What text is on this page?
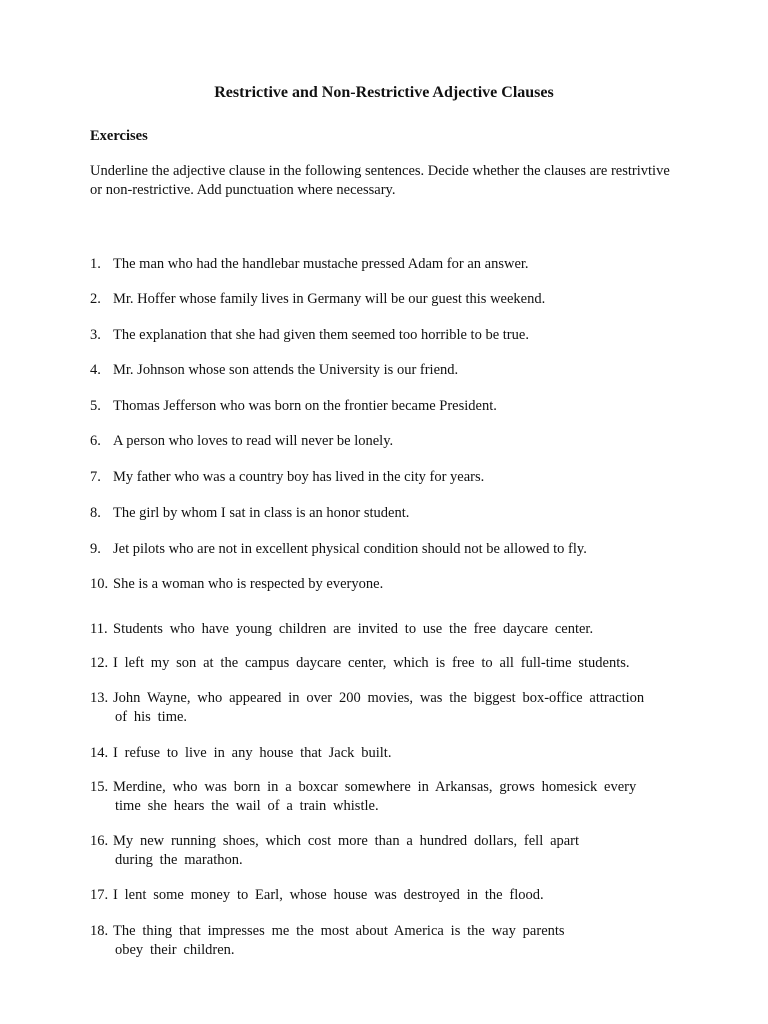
Restrictive and Non-Restrictive Adjective Clauses
Exercises
Underline the adjective clause in the following sentences. Decide whether the clauses are restrivtive
or non-restrictive. Add punctuation where necessary.
1. The man who had the handlebar mustache pressed Adam for an answer.
2. Mr. Hoffer whose family lives in Germany will be our guest this weekend.
3. The explanation that she had given them seemed too horrible to be true.
4. Mr. Johnson whose son attends the University is our friend.
5. Thomas Jefferson who was born on the frontier became President.
6. A person who loves to read will never be lonely.
7. My father who was a country boy has lived in the city for years.
8. The girl by whom I sat in class is an honor student.
9. Jet pilots who are not in excellent physical condition should not be allowed to fly.
10. She is a woman who is respected by everyone.
11. Students who have young children are invited to use the free daycare center.
12. I left my son at the campus daycare center, which is free to all full-time students.
13. John Wayne, who appeared in over 200 movies, was the biggest box-office attraction
of his time.
14. I refuse to live in any house that Jack built.
15. Merdine, who was born in a boxcar somewhere in Arkansas, grows homesick every
time she hears the wail of a train whistle.
16. My new running shoes, which cost more than a hundred dollars, fell apart
during the marathon.
17. I lent some money to Earl, whose house was destroyed in the flood.
18. The thing that impresses me the most about America is the way parents
obey their children.
